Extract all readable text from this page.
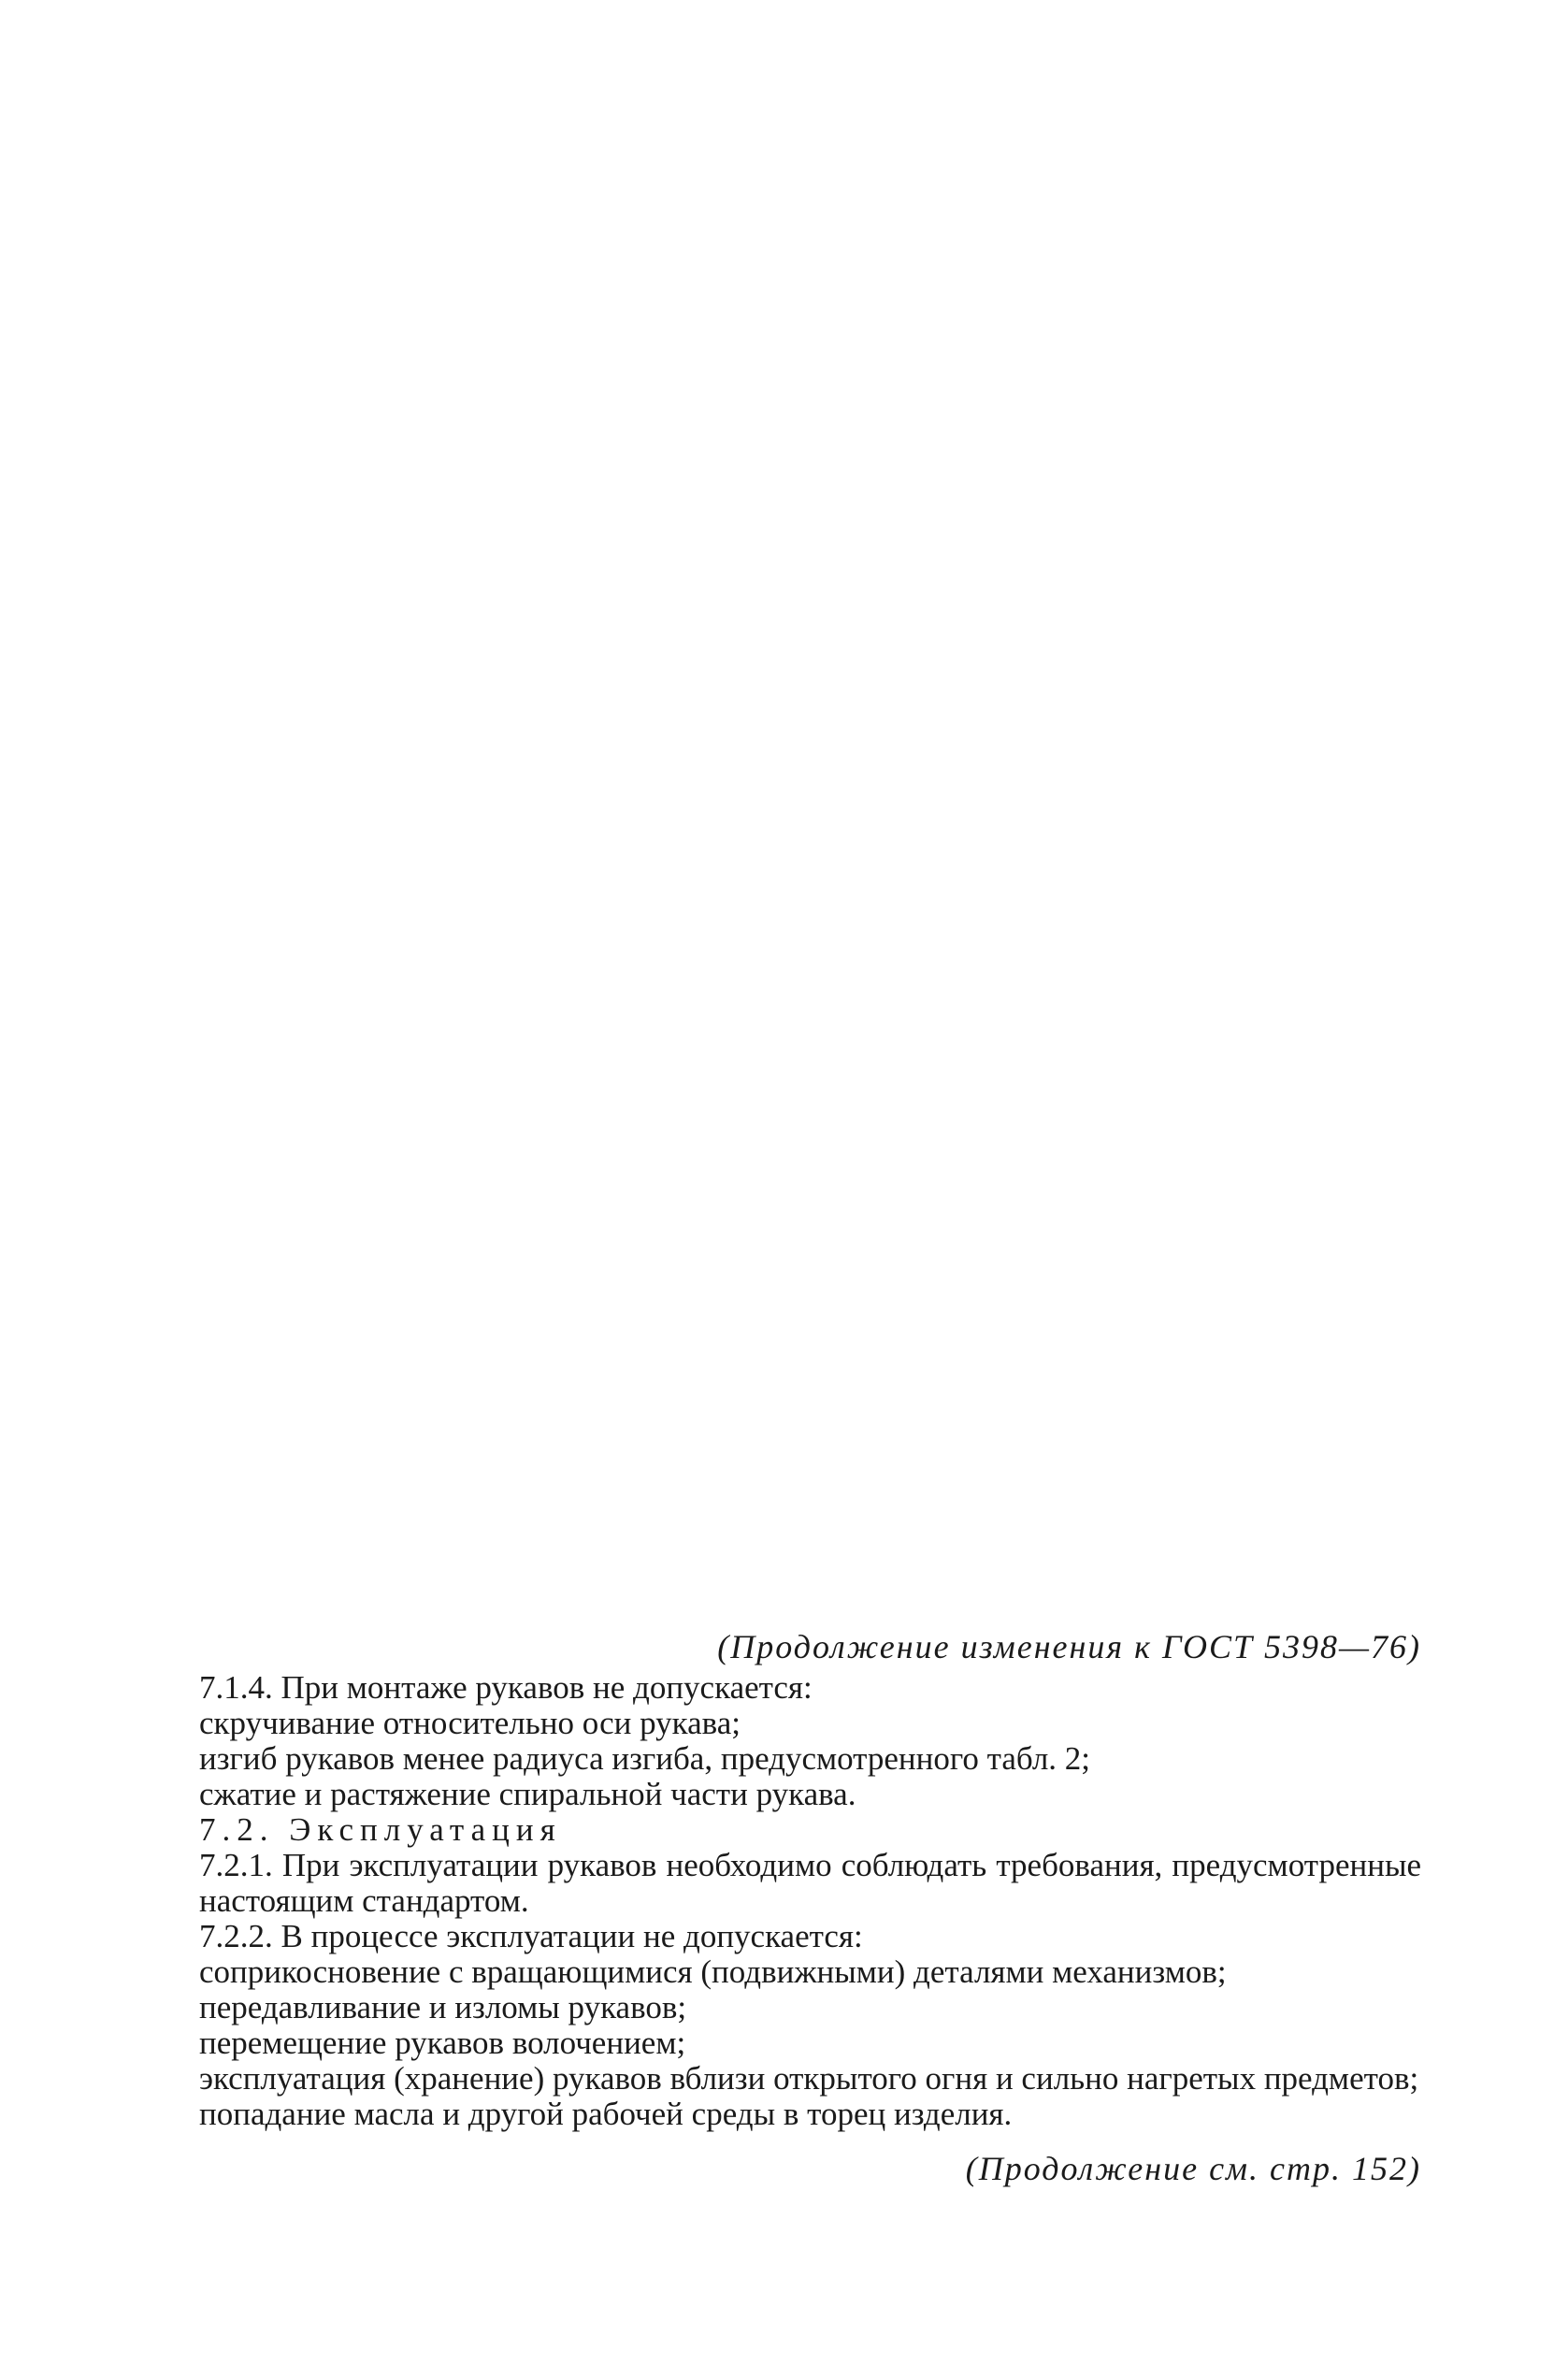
(Продолжение изменения к ГОСТ 5398—76)

7.1.4. При монтаже рукавов не допускается:

скручивание относительно оси рукава;

изгиб рукавов менее радиуса изгиба, предусмотренного табл. 2;

сжатие и растяжение спиральной части рукава.

7.2. Эксплуатация

7.2.1. При эксплуатации рукавов необходимо соблюдать требования, предусмотренные настоящим стандартом.

7.2.2. В процессе эксплуатации не допускается:

соприкосновение с вращающимися (подвижными) деталями механизмов;

передавливание и изломы рукавов;

перемещение рукавов волочением;

эксплуатация (хранение) рукавов вблизи открытого огня и сильно нагретых предметов;

попадание масла и другой рабочей среды в торец изделия.

(Продолжение см. стр. 152)
